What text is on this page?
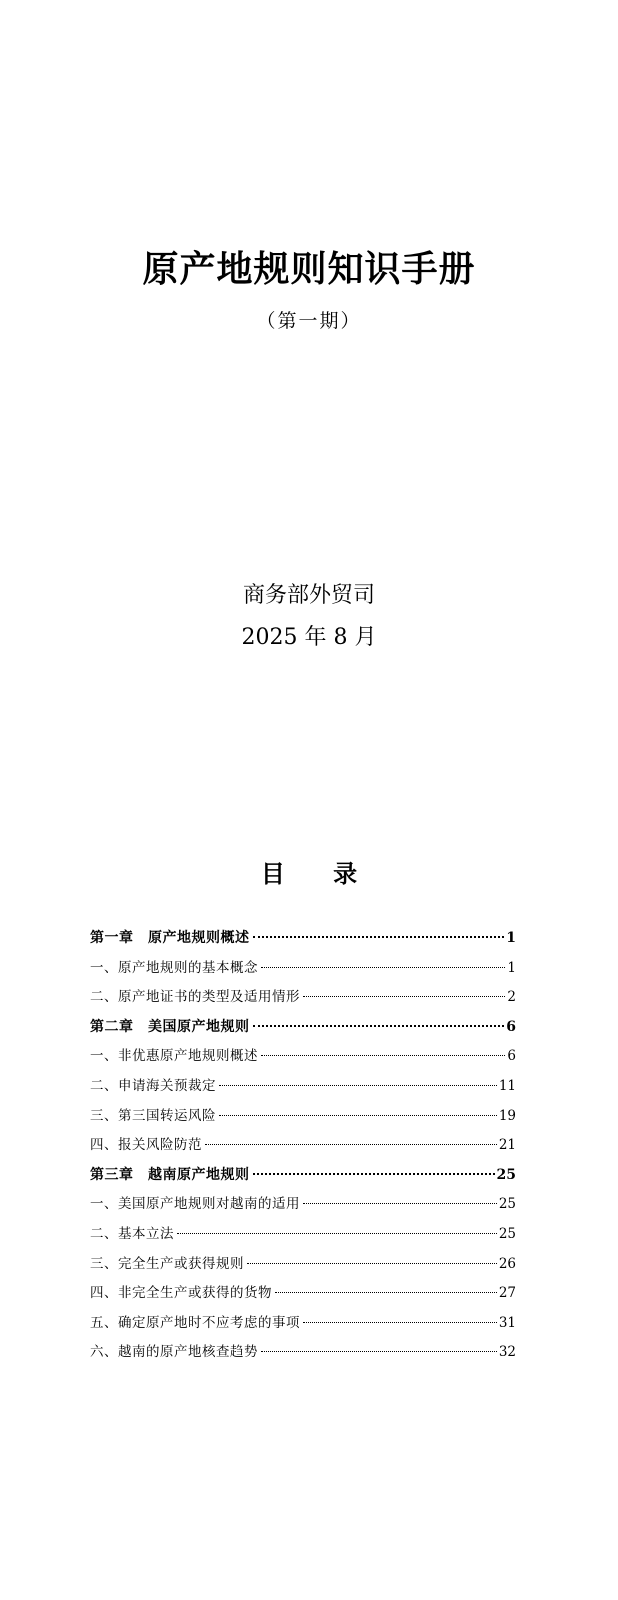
原产地规则知识手册
（第一期）
商务部外贸司
2025 年 8 月
目 录
第一章　原产地规则概述	1
一、原产地规则的基本概念	1
二、原产地证书的类型及适用情形	2
第二章　美国原产地规则	6
一、非优惠原产地规则概述	6
二、申请海关预裁定	11
三、第三国转运风险	19
四、报关风险防范	21
第三章　越南原产地规则	25
一、美国原产地规则对越南的适用	25
二、基本立法	25
三、完全生产或获得规则	26
四、非完全生产或获得的货物	27
五、确定原产地时不应考虑的事项	31
六、越南的原产地核查趋势	32
